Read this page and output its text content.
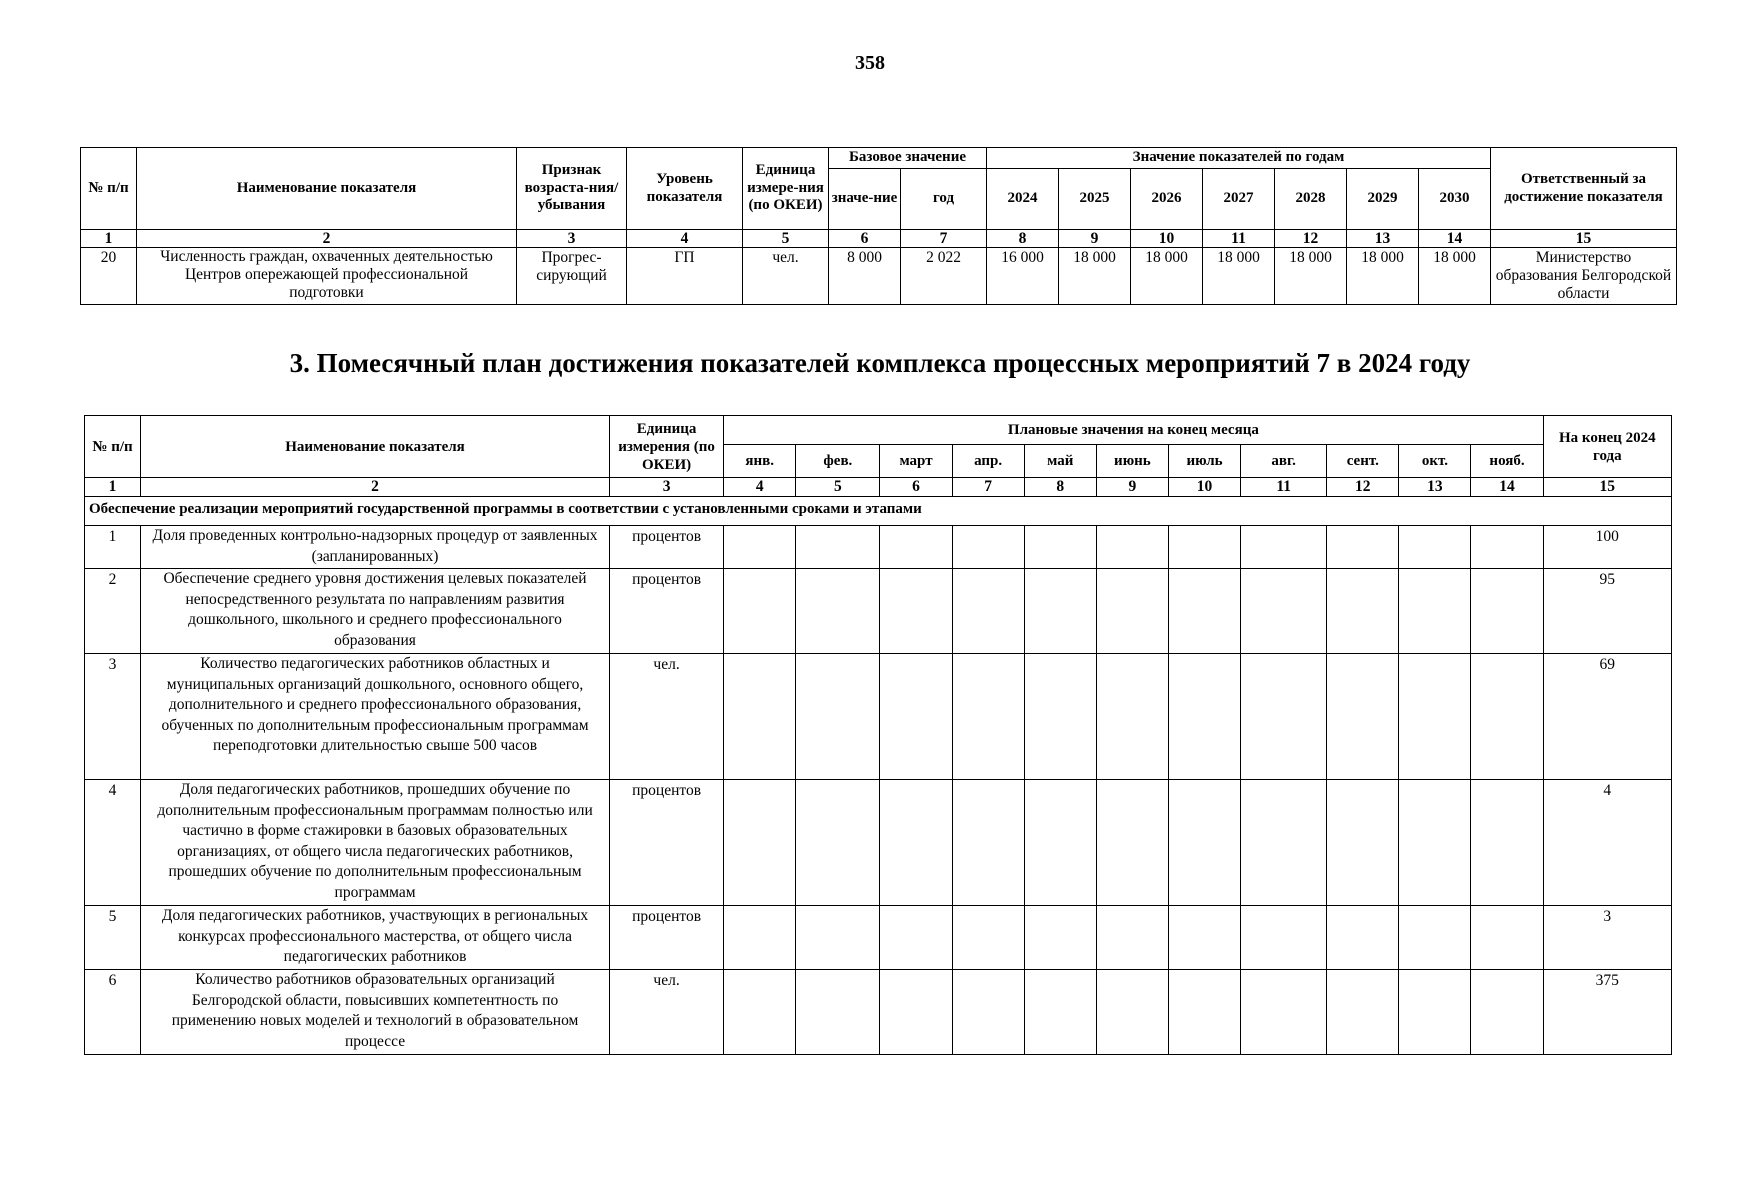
358
№ п/п	Наименование показателя	Признак возраста-ния/ убывания	Уровень показателя	Единица измере-ния (по ОКЕИ)	Базовое значение		Значение показателей по годам							Ответственный за достижение показателя
					значе-ние	год	2024	2025	2026	2027	2028	2029	2030	
1	2	3	4	5	6	7	8	9	10	11	12	13	14	15
20	Численность граждан, охваченных деятельностью Центров опережающей профессиональной подготовки	Прогрес-сирующий	ГП	чел.	8 000	2 022	16 000	18 000	18 000	18 000	18 000	18 000	18 000	Министерство образования Белгородской области
3. Помесячный план достижения показателей комплекса процессных мероприятий 7 в 2024 году
№ п/п	Наименование показателя	Единица измерения (по ОКЕИ)	Плановые значения на конец месяца											На конец 2024 года
			янв.	фев.	март	апр.	май	июнь	июль	авг.	сент.	окт.	нояб.	
1	2	3	4	5	6	7	8	9	10	11	12	13	14	15
Обеспечение реализации мероприятий государственной программы в соответствии с установленными сроками и этапами														
1	Доля проведенных контрольно-надзорных процедур от заявленных (запланированных)	процентов												100
2	Обеспечение среднего уровня достижения целевых показателей непосредственного результата по направлениям развития дошкольного, школьного и среднего профессионального образования	процентов												95
3	Количество педагогических работников областных и муниципальных организаций дошкольного, основного общего, дополнительного и среднего профессионального образования, обученных по дополнительным профессиональным программам переподготовки длительностью свыше 500 часов	чел.												69
4	Доля педагогических работников, прошедших обучение по дополнительным профессиональным программам полностью или частично в форме стажировки в базовых образовательных организациях, от общего числа педагогических работников, прошедших обучение по дополнительным профессиональным программам	процентов												4
5	Доля педагогических работников, участвующих в региональных конкурсах профессионального мастерства, от общего числа педагогических работников	процентов												3
6	Количество работников образовательных организаций Белгородской области, повысивших компетентность по применению новых моделей и технологий в образовательном процессе	чел.												375
